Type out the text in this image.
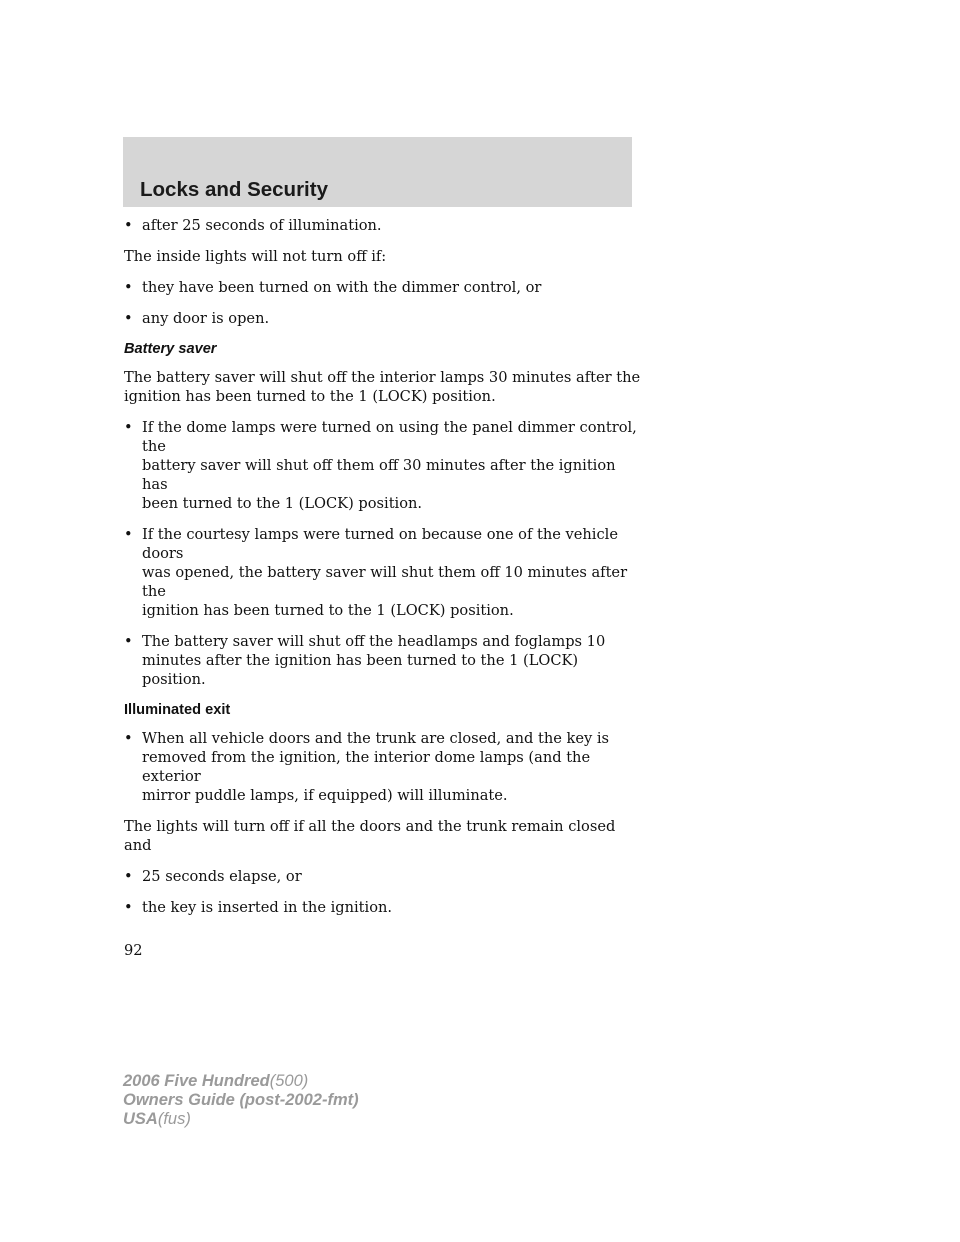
Locks and Security
• after 25 seconds of illumination.

The inside lights will not turn off if:

• they have been turned on with the dimmer control, or
• any door is open.
Battery saver

The battery saver will shut off the interior lamps 30 minutes after the
ignition has been turned to the 1 (LOCK) position.

• If the dome lamps were turned on using the panel dimmer control, the
battery saver will shut off them off 30 minutes after the ignition has
been turned to the 1 (LOCK) position.
• If the courtesy lamps were turned on because one of the vehicle doors
was opened, the battery saver will shut them off 10 minutes after the
ignition has been turned to the 1 (LOCK) position.
• The battery saver will shut off the headlamps and foglamps 10
minutes after the ignition has been turned to the 1 (LOCK) position.
Illuminated exit
• When all vehicle doors and the trunk are closed, and the key is
removed from the ignition, the interior dome lamps (and the exterior
mirror puddle lamps, if equipped) will illuminate.

The lights will turn off if all the doors and the trunk remain closed and

• 25 seconds elapse, or
• the key is inserted in the ignition.
92
2006 Five Hundred(500)
Owners Guide (post-2002-fmt)
USA(fus)
